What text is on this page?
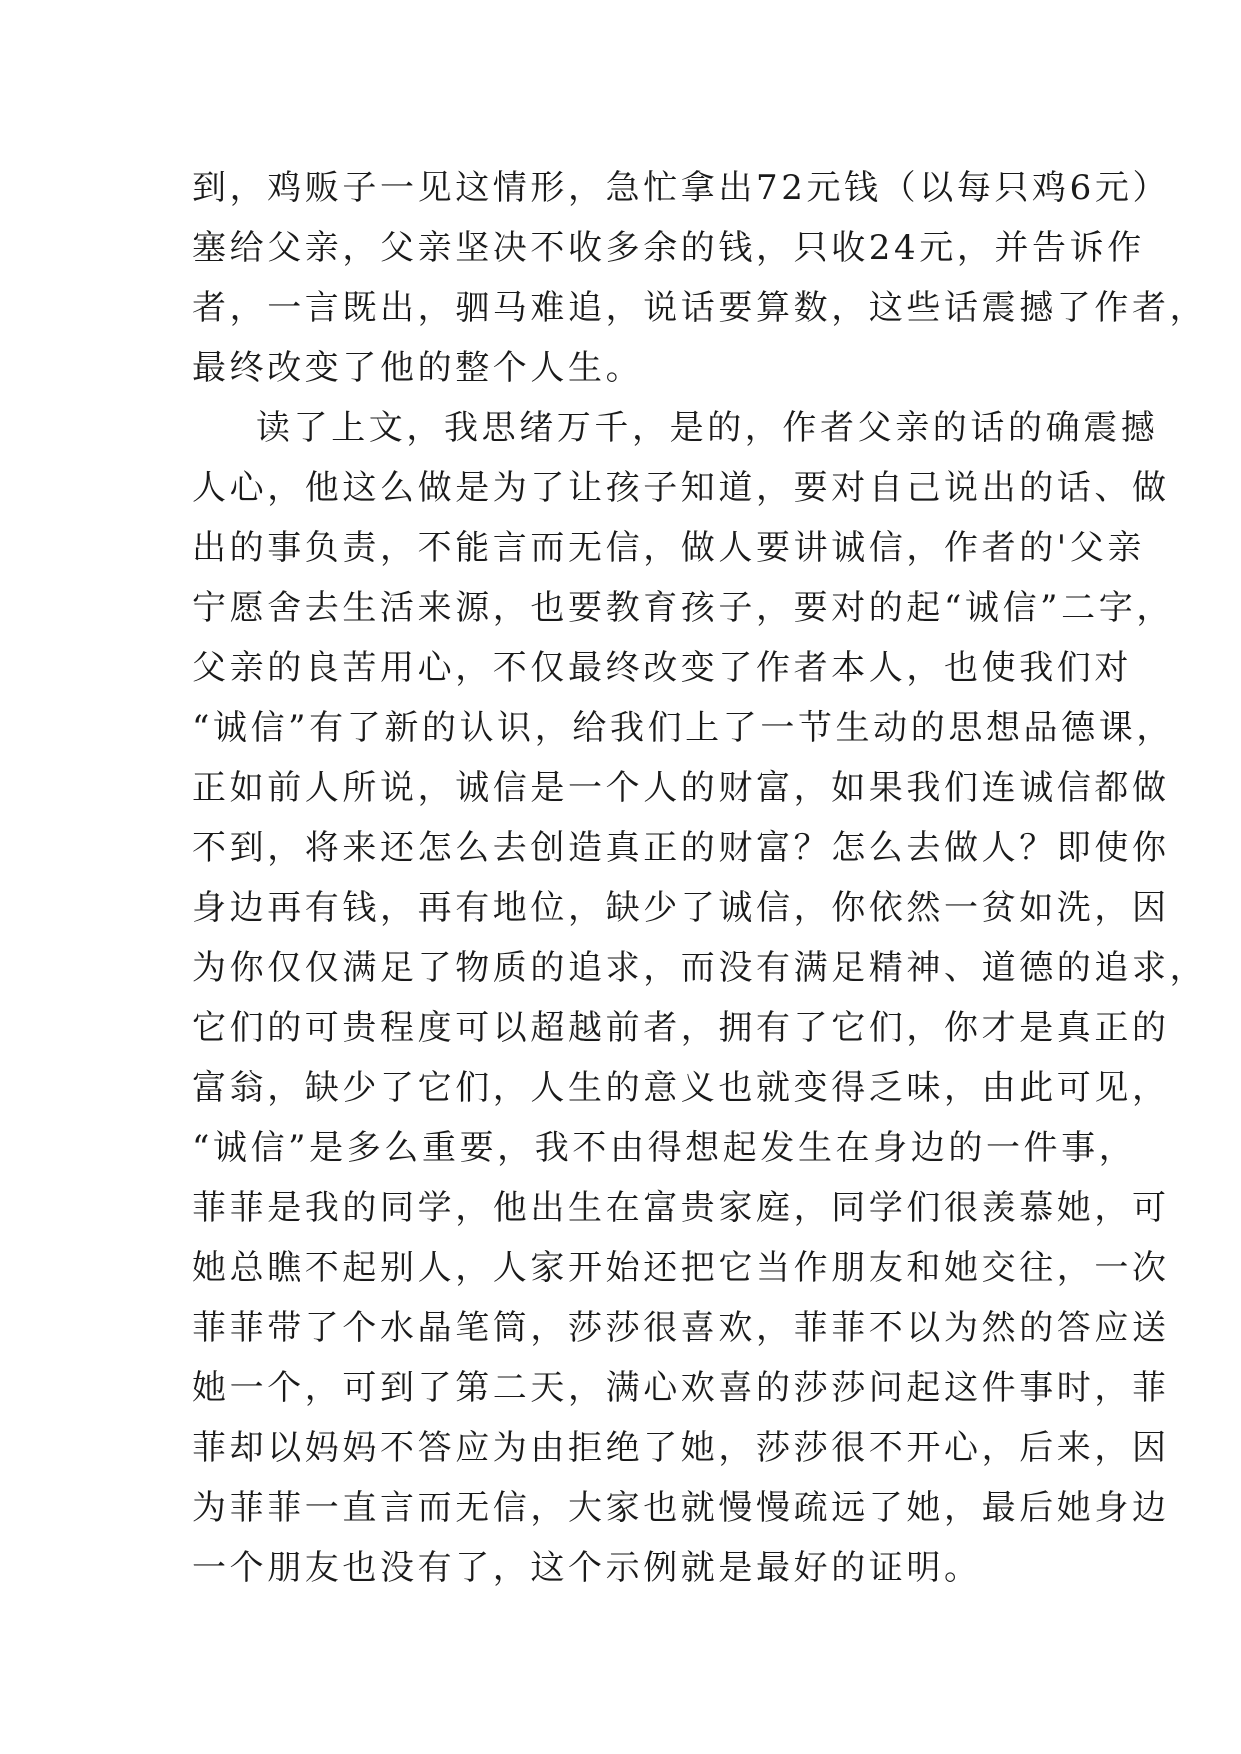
到，鸡贩子一见这情形，急忙拿出72元钱（以每只鸡6元）
塞给父亲，父亲坚决不收多余的钱，只收24元，并告诉作
者，一言既出，驷马难追，说话要算数，这些话震撼了作者，
最终改变了他的整个人生。
读了上文，我思绪万千，是的，作者父亲的话的确震撼
人心，他这么做是为了让孩子知道，要对自己说出的话、做
出的事负责，不能言而无信，做人要讲诚信，作者的'父亲
宁愿舍去生活来源，也要教育孩子，要对的起“诚信”二字，
父亲的良苦用心，不仅最终改变了作者本人，也使我们对
“诚信”有了新的认识，给我们上了一节生动的思想品德课，
正如前人所说，诚信是一个人的财富，如果我们连诚信都做
不到，将来还怎么去创造真正的财富？怎么去做人？即使你
身边再有钱，再有地位，缺少了诚信，你依然一贫如洗，因
为你仅仅满足了物质的追求，而没有满足精神、道德的追求，
它们的可贵程度可以超越前者，拥有了它们，你才是真正的
富翁，缺少了它们，人生的意义也就变得乏味，由此可见，
“诚信”是多么重要，我不由得想起发生在身边的一件事，
菲菲是我的同学，他出生在富贵家庭，同学们很羡慕她，可
她总瞧不起别人，人家开始还把它当作朋友和她交往，一次
菲菲带了个水晶笔筒，莎莎很喜欢，菲菲不以为然的答应送
她一个，可到了第二天，满心欢喜的莎莎问起这件事时，菲
菲却以妈妈不答应为由拒绝了她，莎莎很不开心，后来，因
为菲菲一直言而无信，大家也就慢慢疏远了她，最后她身边
一个朋友也没有了，这个示例就是最好的证明。
